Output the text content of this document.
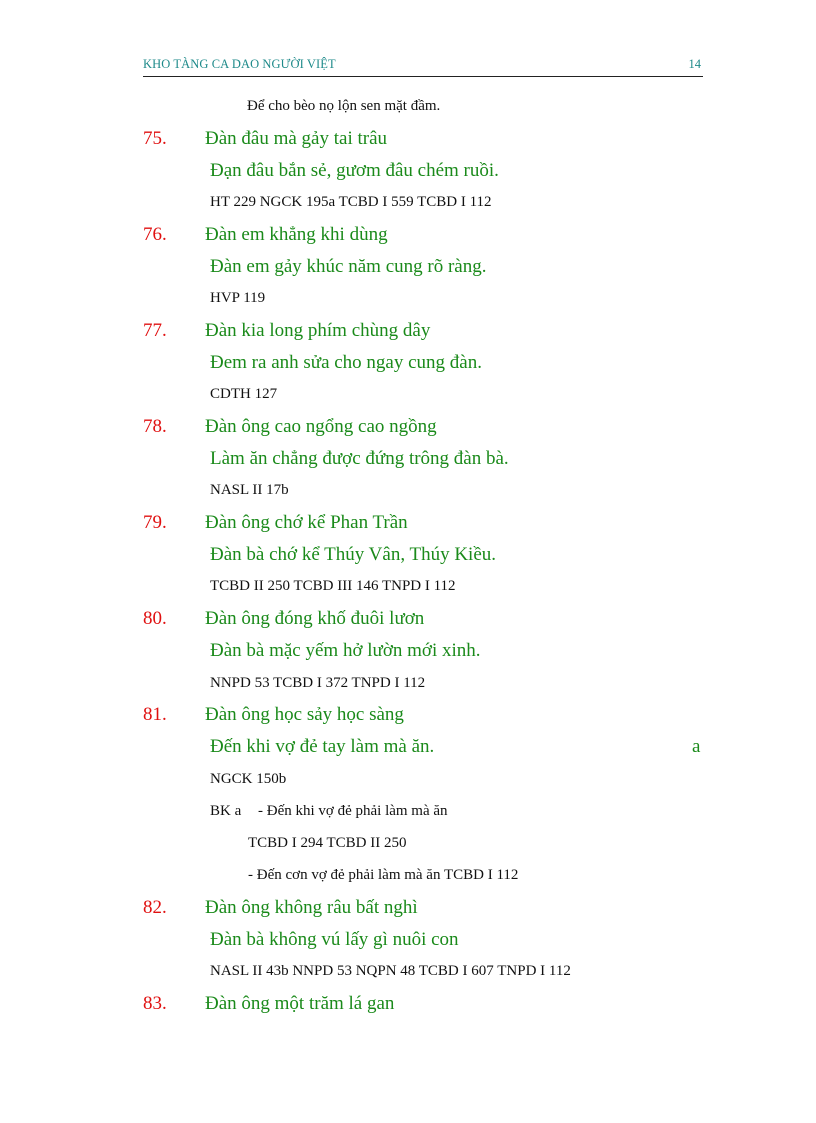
KHO TÀNG CA DAO NGƯỜI VIỆT	14
Để cho bèo nọ lộn sen mặt đầm.
75. Đàn đâu mà gảy tai trâu
Đạn đâu bắn sẻ, gươm đâu chém ruồi.
HT 229 NGCK 195a TCBD I 559 TCBD I 112
76. Đàn em khẳng khi dùng
Đàn em gảy khúc năm cung rõ ràng.
HVP 119
77. Đàn kia long phím chùng dây
Đem ra anh sửa cho ngay cung đàn.
CDTH 127
78. Đàn ông cao ngổng cao ngồng
Làm ăn chẳng được đứng trông đàn bà.
NASL II 17b
79. Đàn ông chớ kể Phan Trần
Đàn bà chớ kể Thúy Vân, Thúy Kiều.
TCBD II 250 TCBD III 146 TNPD I 112
80. Đàn ông đóng khố đuôi lươn
Đàn bà mặc yếm hở lườn mới xinh.
NNPD 53 TCBD I 372 TNPD I 112
81. Đàn ông học sảy học sàng
Đến khi vợ đẻ tay làm mà ăn.	a
NGCK 150b
BK a - Đến khi vợ đẻ phải làm mà ăn
TCBD I 294 TCBD II 250
- Đến cơn vợ đẻ phải làm mà ăn TCBD I 112
82. Đàn ông không râu bất nghì
Đàn bà không vú lấy gì nuôi con
NASL II 43b NNPD 53 NQPN 48 TCBD I 607 TNPD I 112
83. Đàn ông một trăm lá gan
